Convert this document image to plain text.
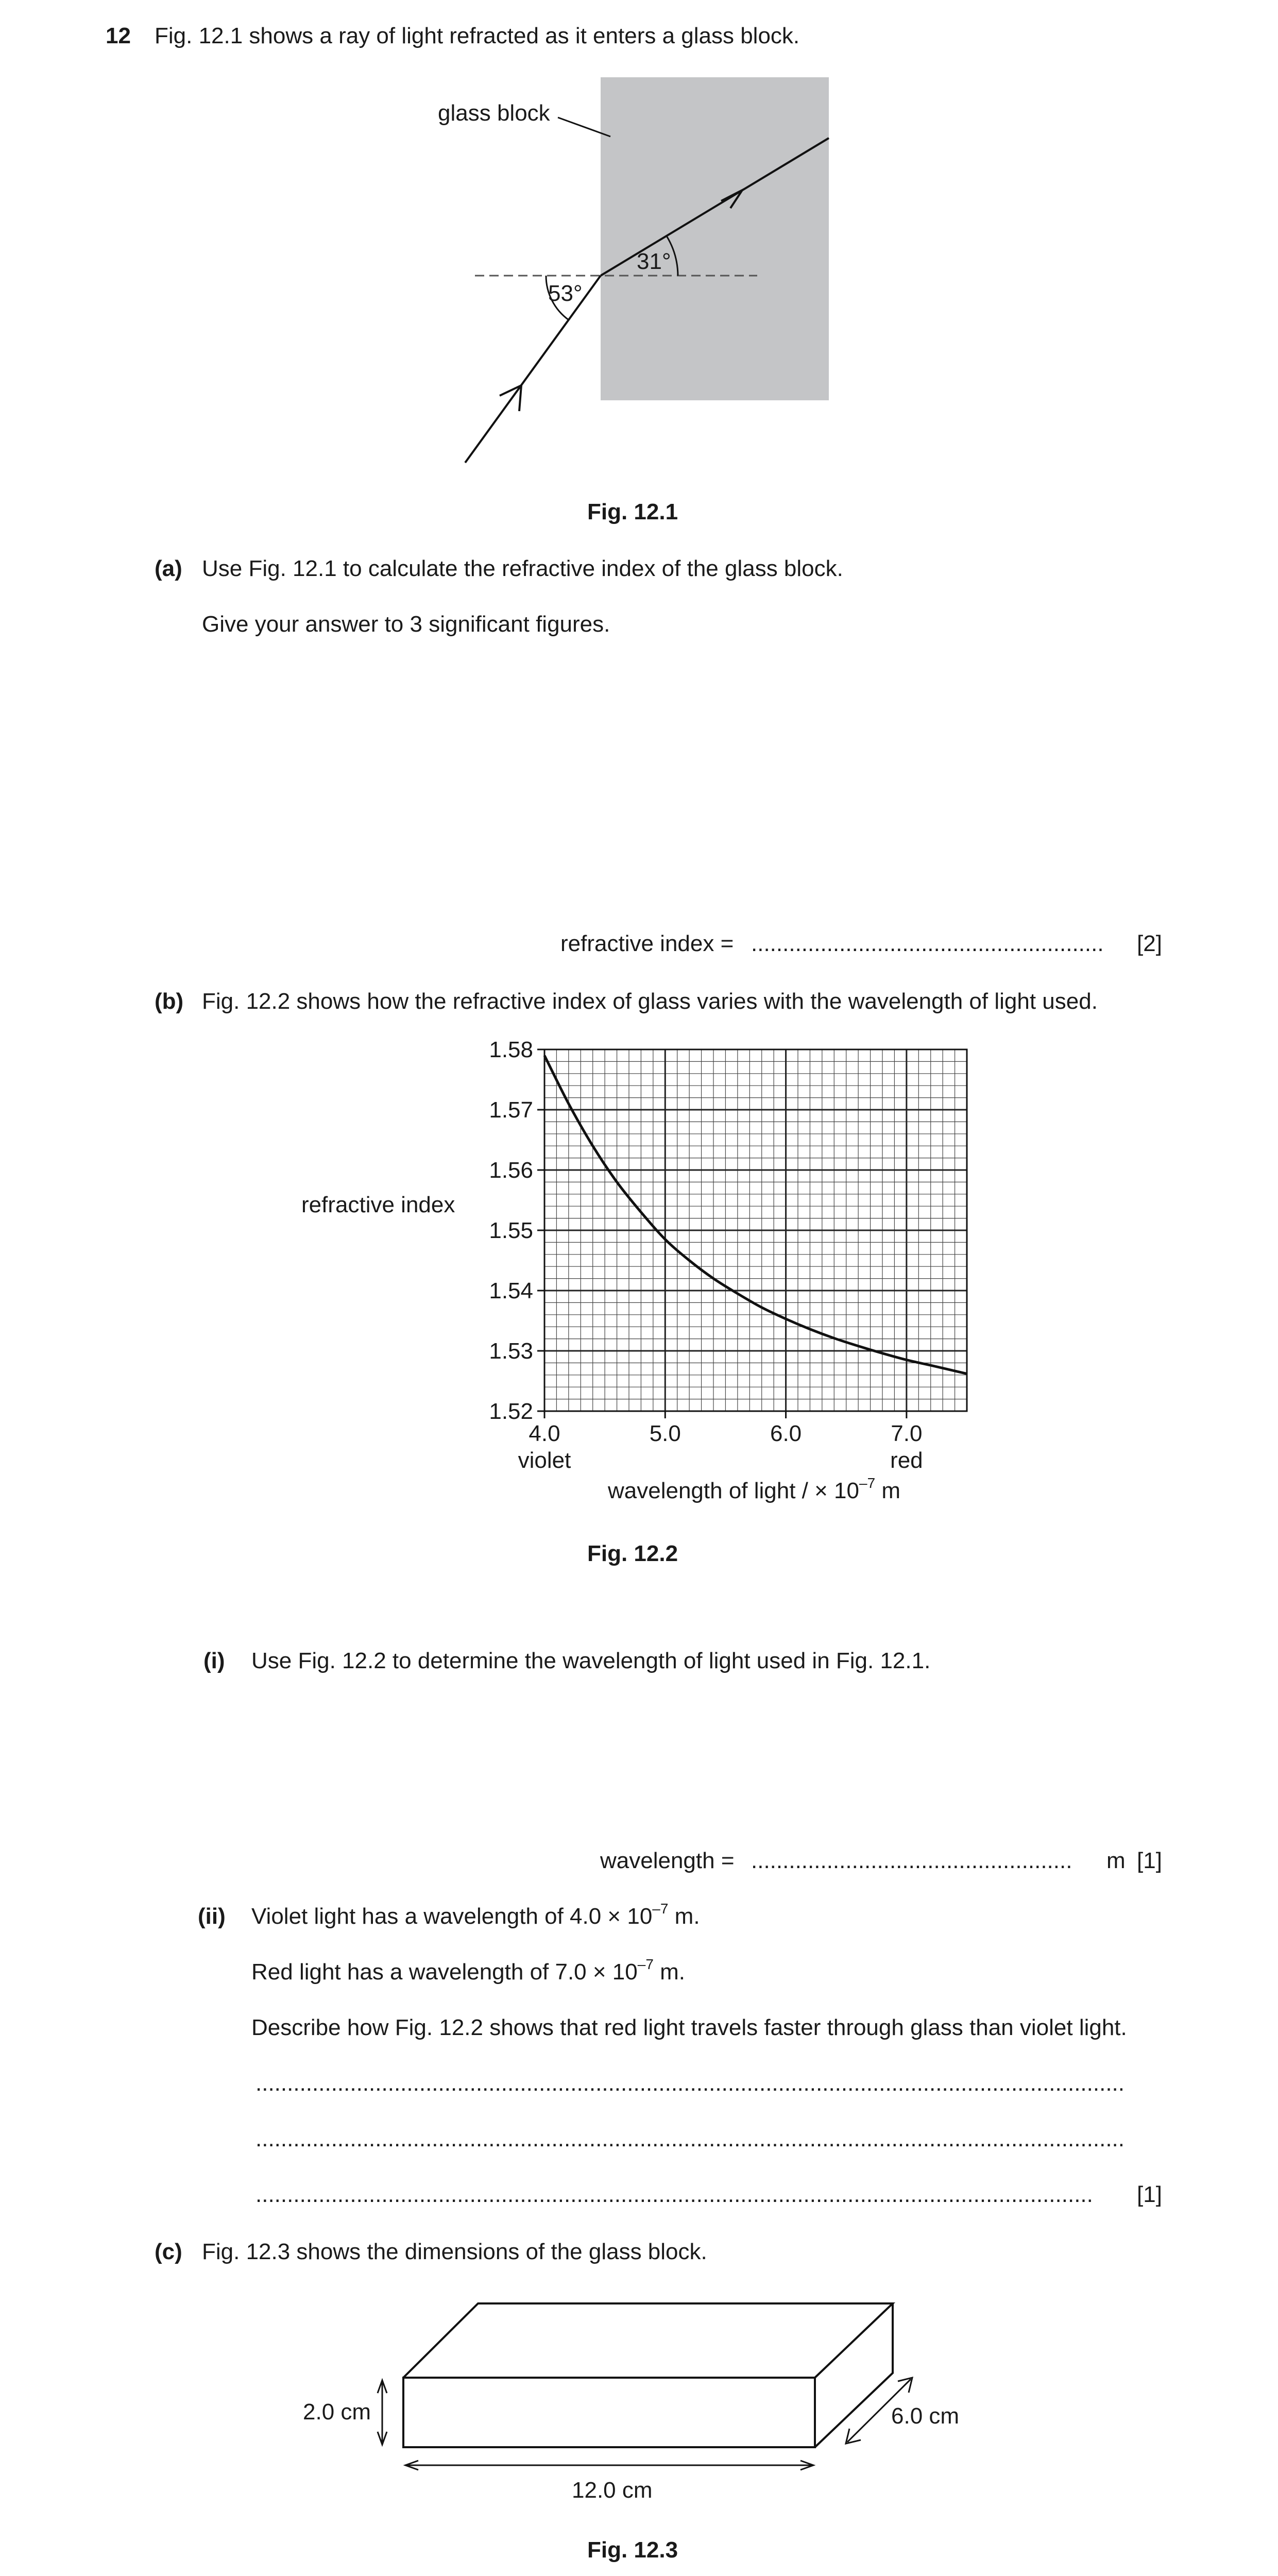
12 Fig. 12.1 shows a ray of light refracted as it enters a glass block.
glass block
53°
31°
Fig. 12.1
(a) Use Fig. 12.1 to calculate the refractive index of the glass block.
Give your answer to 3 significant figures.
refractive index = ........................................................ [2]
(b) Fig. 12.2 shows how the refractive index of glass varies with the wavelength of light used.
refractive index
1.58
1.57
1.56
1.55
1.54
1.53
1.52
4.0	5.0	6.0	7.0
violet	red
wavelength of light / × $10^{-7}$ m
Fig. 12.2
(i) Use Fig. 12.2 to determine the wavelength of light used in Fig. 12.1.
wavelength = ................................................... m [1]
(ii) Violet light has a wavelength of $4.0 \times 10^{-7}$ m.
Red light has a wavelength of $7.0 \times 10^{-7}$ m.
Describe how Fig. 12.2 shows that red light travels faster through glass than violet light.
..........................................................................................................................................
..........................................................................................................................................
..................................................................................................................................... [1]
(c) Fig. 12.3 shows the dimensions of the glass block.
2.0 cm
12.0 cm
6.0 cm
Fig. 12.3
